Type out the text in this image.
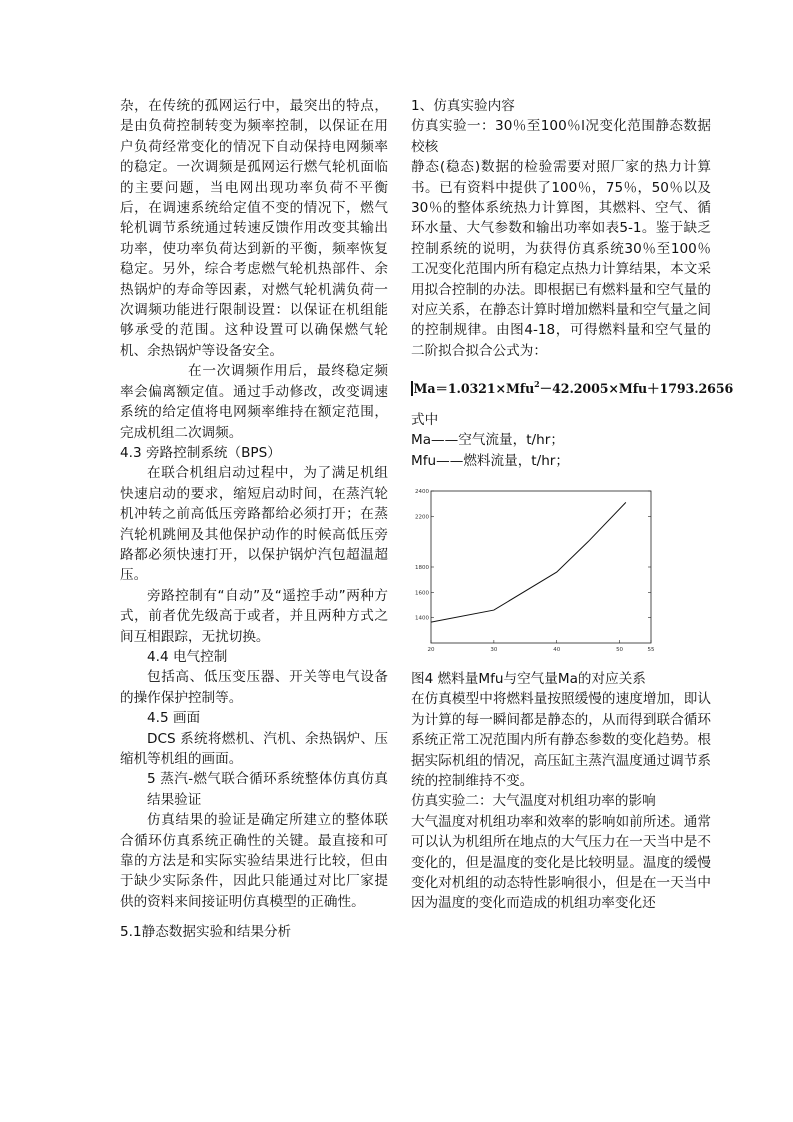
杂，在传统的孤网运行中，最突出的特点，是由负荷控制转变为频率控制，以保证在用户负荷经常变化的情况下自动保持电网频率的稳定。一次调频是孤网运行燃气轮机面临的主要问题，当电网出现功率负荷不平衡后，在调速系统给定值不变的情况下，燃气轮机调节系统通过转速反馈作用改变其输出功率，使功率负荷达到新的平衡，频率恢复稳定。另外，综合考虑燃气轮机热部件、余热锅炉的寿命等因素，对燃气轮机满负荷一次调频功能进行限制设置：以保证在机组能够承受的范围。这种设置可以确保燃气轮机、余热锅炉等设备安全。

在一次调频作用后，最终稳定频率会偏离额定值。通过手动修改，改变调速系统的给定值将电网频率维持在额定范围，完成机组二次调频。

4.3 旁路控制系统（BPS）

在联合机组启动过程中，为了满足机组快速启动的要求，缩短启动时间，在蒸汽轮机冲转之前高低压旁路都给必须打开；在蒸汽轮机跳闸及其他保护动作的时候高低压旁路都必须快速打开，以保护锅炉汽包超温超压。

旁路控制有“自动”及“遥控手动”两种方式，前者优先级高于或者，并且两种方式之间互相跟踪，无扰切换。

4.4 电气控制

包括高、低压变压器、开关等电气设备的操作保护控制等。

4.5 画面

DCS 系统将燃机、汽机、余热锅炉、压缩机等机组的画面。

5 蒸汽-燃气联合循环系统整体仿真仿真结果验证

仿真结果的验证是确定所建立的整体联合循环仿真系统正确性的关键。最直接和可靠的方法是和实际实验结果进行比较，但由于缺少实际条件，因此只能通过对比厂家提供的资料来间接证明仿真模型的正确性。

5.1静态数据实验和结果分析

1、仿真实验内容

仿真实验一：30％至100％l况变化范围静态数据校核

静态(稳态)数据的检验需要对照厂家的热力计算书。已有资料中提供了100％，75％，50％以及30％的整体系统热力计算图，其燃料、空气、循环水量、大气参数和输出功率如表5-1。鉴于缺乏控制系统的说明，为获得仿真系统30％至100％工况变化范围内所有稳定点热力计算结果，本文采用拟合控制的办法。即根据已有燃料量和空气量的对应关系，在静态计算时增加燃料量和空气量之间的控制规律。由图4-18，可得燃料量和空气量的二阶拟合拟合公式为：

Ma＝1.0321×Mfu$^2$－42.2005×Mfu＋1793.2656

式中

Ma——空气流量，t/hr；

Mfu——燃料流量，t/hr；

1400
1600
1800
2200
2400
20	30	40	50	55

图4 燃料量Mfu与空气量Ma的对应关系

在仿真模型中将燃料量按照缓慢的速度增加，即认为计算的每一瞬间都是静态的，从而得到联合循环系统正常工况范围内所有静态参数的变化趋势。根据实际机组的情况，高压缸主蒸汽温度通过调节系统的控制维持不变。

仿真实验二：大气温度对机组功率的影响

大气温度对机组功率和效率的影响如前所述。通常可以认为机组所在地点的大气压力在一天当中是不变化的，但是温度的变化是比较明显。温度的缓慢变化对机组的动态特性影响很小，但是在一天当中因为温度的变化而造成的机组功率变化还
